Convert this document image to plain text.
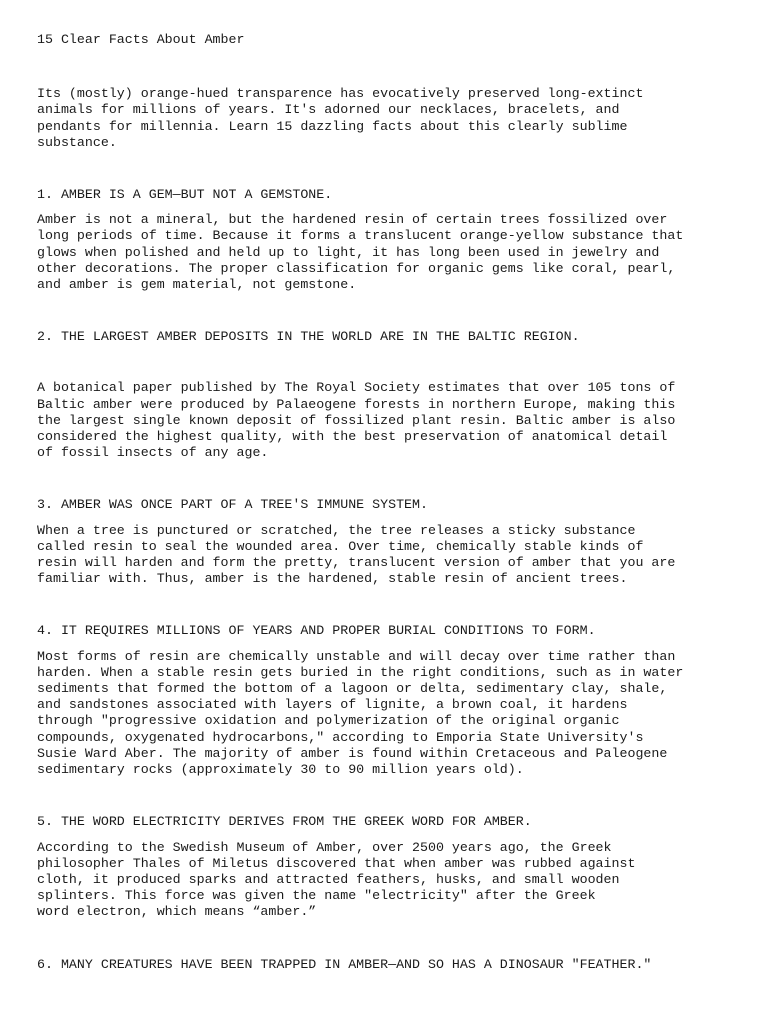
15 Clear Facts About Amber

Its (mostly) orange-hued transparence has evocatively preserved long-extinct
animals for millions of years. It's adorned our necklaces, bracelets, and
pendants for millennia. Learn 15 dazzling facts about this clearly sublime
substance.

1. AMBER IS A GEM—BUT NOT A GEMSTONE.

Amber is not a mineral, but the hardened resin of certain trees fossilized over
long periods of time. Because it forms a translucent orange-yellow substance that
glows when polished and held up to light, it has long been used in jewelry and
other decorations. The proper classification for organic gems like coral, pearl,
and amber is gem material, not gemstone.

2. THE LARGEST AMBER DEPOSITS IN THE WORLD ARE IN THE BALTIC REGION.

A botanical paper published by The Royal Society estimates that over 105 tons of
Baltic amber were produced by Palaeogene forests in northern Europe, making this
the largest single known deposit of fossilized plant resin. Baltic amber is also
considered the highest quality, with the best preservation of anatomical detail
of fossil insects of any age.

3. AMBER WAS ONCE PART OF A TREE'S IMMUNE SYSTEM.

When a tree is punctured or scratched, the tree releases a sticky substance
called resin to seal the wounded area. Over time, chemically stable kinds of
resin will harden and form the pretty, translucent version of amber that you are
familiar with. Thus, amber is the hardened, stable resin of ancient trees.

4. IT REQUIRES MILLIONS OF YEARS AND PROPER BURIAL CONDITIONS TO FORM.

Most forms of resin are chemically unstable and will decay over time rather than
harden. When a stable resin gets buried in the right conditions, such as in water
sediments that formed the bottom of a lagoon or delta, sedimentary clay, shale,
and sandstones associated with layers of lignite, a brown coal, it hardens
through "progressive oxidation and polymerization of the original organic
compounds, oxygenated hydrocarbons," according to Emporia State University's
Susie Ward Aber. The majority of amber is found within Cretaceous and Paleogene
sedimentary rocks (approximately 30 to 90 million years old).

5. THE WORD ELECTRICITY DERIVES FROM THE GREEK WORD FOR AMBER.

According to the Swedish Museum of Amber, over 2500 years ago, the Greek
philosopher Thales of Miletus discovered that when amber was rubbed against
cloth, it produced sparks and attracted feathers, husks, and small wooden
splinters. This force was given the name "electricity" after the Greek
word electron, which means “amber.”

6. MANY CREATURES HAVE BEEN TRAPPED IN AMBER—AND SO HAS A DINOSAUR "FEATHER."
